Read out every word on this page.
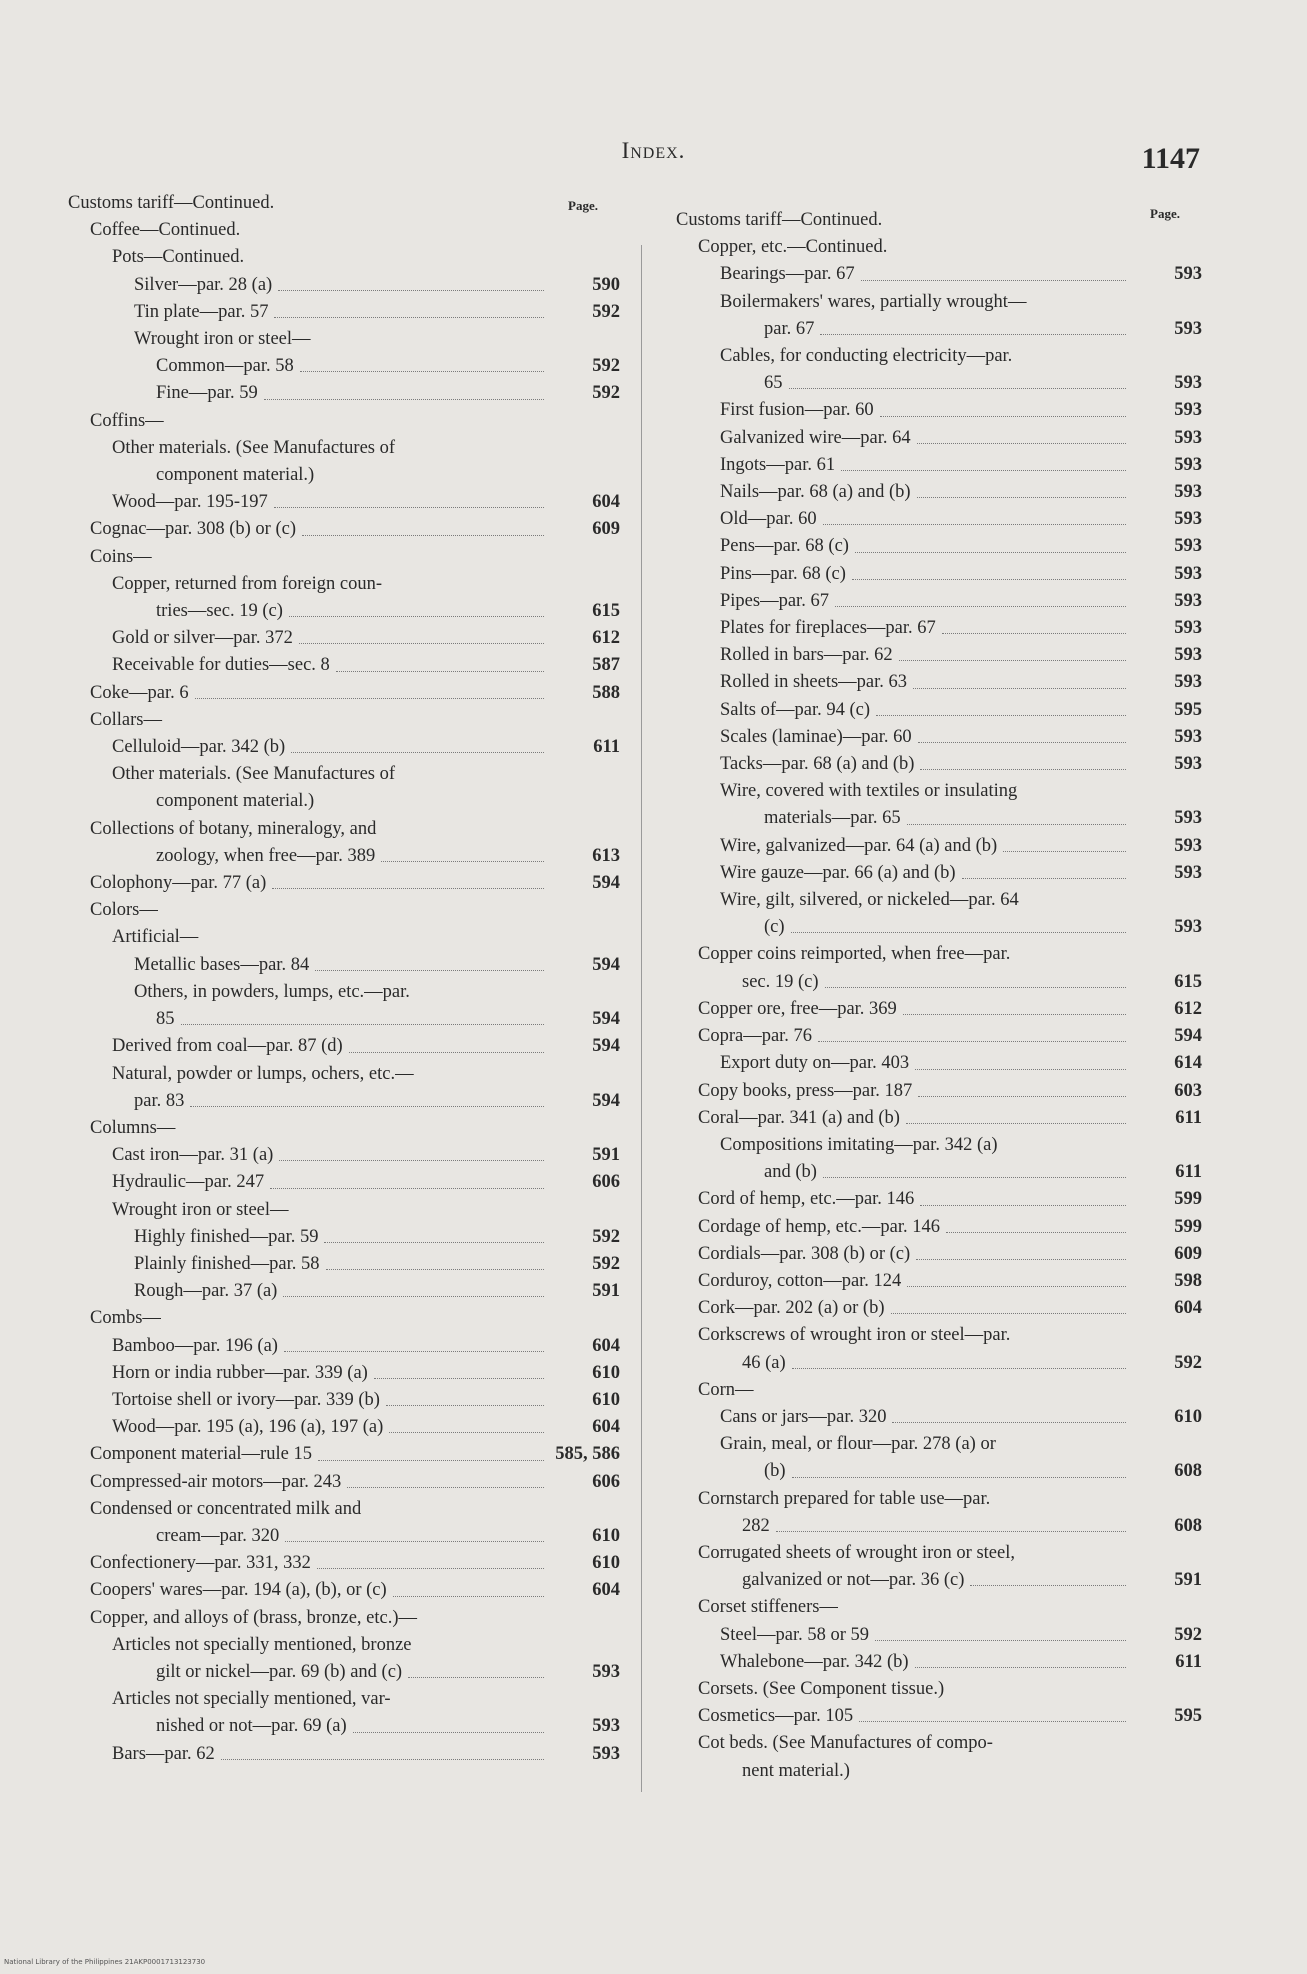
Index.	1147
Page.
Page.
Customs tariff—Continued.
Coffee—Continued.
Pots—Continued.
Silver—par. 28 (a)	590
Tin plate—par. 57	592
Wrought iron or steel—
Common—par. 58	592
Fine—par. 59	592
Coffins—
Other materials. (See Manufactures of
component material.)
Wood—par. 195-197	604
Cognac—par. 308 (b) or (c)	609
Coins—
Copper, returned from foreign coun-
tries—sec. 19 (c)	615
Gold or silver—par. 372	612
Receivable for duties—sec. 8	587
Coke—par. 6	588
Collars—
Celluloid—par. 342 (b)	611
Other materials. (See Manufactures of
component material.)
Collections of botany, mineralogy, and
zoology, when free—par. 389	613
Colophony—par. 77 (a)	594
Colors—
Artificial—
Metallic bases—par. 84	594
Others, in powders, lumps, etc.—par.
85	594
Derived from coal—par. 87 (d)	594
Natural, powder or lumps, ochers, etc.—
par. 83	594
Columns—
Cast iron—par. 31 (a)	591
Hydraulic—par. 247	606
Wrought iron or steel—
Highly finished—par. 59	592
Plainly finished—par. 58	592
Rough—par. 37 (a)	591
Combs—
Bamboo—par. 196 (a)	604
Horn or india rubber—par. 339 (a)	610
Tortoise shell or ivory—par. 339 (b)	610
Wood—par. 195 (a), 196 (a), 197 (a)	604
Component material—rule 15	585, 586
Compressed-air motors—par. 243	606
Condensed or concentrated milk and
cream—par. 320	610
Confectionery—par. 331, 332	610
Coopers' wares—par. 194 (a), (b), or (c)	604
Copper, and alloys of (brass, bronze, etc.)—
Articles not specially mentioned, bronze
gilt or nickel—par. 69 (b) and (c)	593
Articles not specially mentioned, var-
nished or not—par. 69 (a)	593
Bars—par. 62	593
Customs tariff—Continued.
Copper, etc.—Continued.
Bearings—par. 67	593
Boilermakers' wares, partially wrought—
par. 67	593
Cables, for conducting electricity—par.
65	593
First fusion—par. 60	593
Galvanized wire—par. 64	593
Ingots—par. 61	593
Nails—par. 68 (a) and (b)	593
Old—par. 60	593
Pens—par. 68 (c)	593
Pins—par. 68 (c)	593
Pipes—par. 67	593
Plates for fireplaces—par. 67	593
Rolled in bars—par. 62	593
Rolled in sheets—par. 63	593
Salts of—par. 94 (c)	595
Scales (laminae)—par. 60	593
Tacks—par. 68 (a) and (b)	593
Wire, covered with textiles or insulating
materials—par. 65	593
Wire, galvanized—par. 64 (a) and (b)	593
Wire gauze—par. 66 (a) and (b)	593
Wire, gilt, silvered, or nickeled—par. 64
(c)	593
Copper coins reimported, when free—par.
sec. 19 (c)	615
Copper ore, free—par. 369	612
Copra—par. 76	594
Export duty on—par. 403	614
Copy books, press—par. 187	603
Coral—par. 341 (a) and (b)	611
Compositions imitating—par. 342 (a)
and (b)	611
Cord of hemp, etc.—par. 146	599
Cordage of hemp, etc.—par. 146	599
Cordials—par. 308 (b) or (c)	609
Corduroy, cotton—par. 124	598
Cork—par. 202 (a) or (b)	604
Corkscrews of wrought iron or steel—par.
46 (a)	592
Corn—
Cans or jars—par. 320	610
Grain, meal, or flour—par. 278 (a) or
(b)	608
Cornstarch prepared for table use—par.
282	608
Corrugated sheets of wrought iron or steel,
galvanized or not—par. 36 (c)	591
Corset stiffeners—
Steel—par. 58 or 59	592
Whalebone—par. 342 (b)	611
Corsets. (See Component tissue.)
Cosmetics—par. 105	595
Cot beds. (See Manufactures of compo-
nent material.)
National Library of the Philippines 21AKP0001713123730
